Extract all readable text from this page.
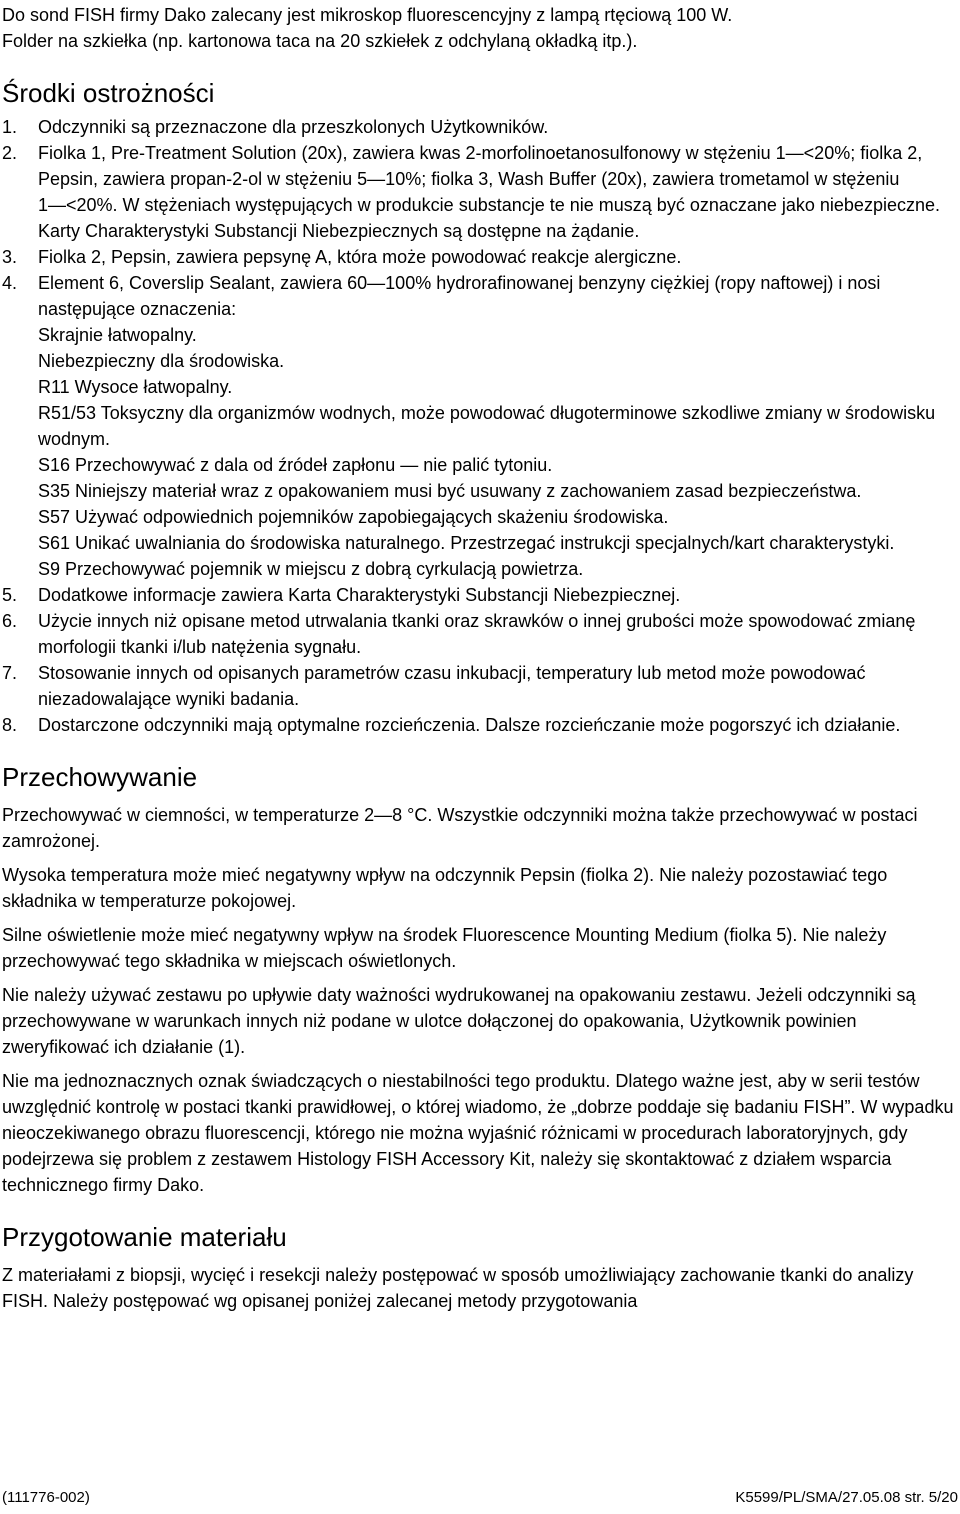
Do sond FISH firmy Dako zalecany jest mikroskop fluorescencyjny z lampą rtęciową 100 W.

Folder na szkiełka (np. kartonowa taca na 20 szkiełek z odchylaną okładką itp.).

Środki ostrożności
1.	Odczynniki są przeznaczone dla przeszkolonych Użytkowników.
2.	Fiolka 1, Pre-Treatment Solution (20x), zawiera kwas 2-morfolinoetanosulfonowy w stężeniu 1―<20%; fiolka 2, Pepsin, zawiera propan-2-ol w stężeniu 5―10%; fiolka 3, Wash Buffer (20x), zawiera trometamol w stężeniu 1―<20%. W stężeniach występujących w produkcie substancje te nie muszą być oznaczane jako niebezpieczne. Karty Charakterystyki Substancji Niebezpiecznych są dostępne na żądanie.
3.	Fiolka 2, Pepsin, zawiera pepsynę A, która może powodować reakcje alergiczne.
4.	Element 6, Coverslip Sealant, zawiera 60―100% hydrorafinowanej benzyny ciężkiej (ropy naftowej) i nosi następujące oznaczenia:
Skrajnie łatwopalny.
Niebezpieczny dla środowiska.
R11 Wysoce łatwopalny.
R51/53 Toksyczny dla organizmów wodnych, może powodować długoterminowe szkodliwe zmiany w środowisku wodnym.
S16 Przechowywać z dala od źródeł zapłonu ― nie palić tytoniu.
S35 Niniejszy materiał wraz z opakowaniem musi być usuwany z zachowaniem zasad bezpieczeństwa.
S57 Używać odpowiednich pojemników zapobiegających skażeniu środowiska.
S61 Unikać uwalniania do środowiska naturalnego. Przestrzegać instrukcji specjalnych/kart charakterystyki.
S9 Przechowywać pojemnik w miejscu z dobrą cyrkulacją powietrza.
5.	Dodatkowe informacje zawiera Karta Charakterystyki Substancji Niebezpiecznej.
6.	Użycie innych niż opisane metod utrwalania tkanki oraz skrawków o innej grubości może spowodować zmianę morfologii tkanki i/lub natężenia sygnału.
7.	Stosowanie innych od opisanych parametrów czasu inkubacji, temperatury lub metod może powodować niezadowalające wyniki badania.
8.	Dostarczone odczynniki mają optymalne rozcieńczenia. Dalsze rozcieńczanie może pogorszyć ich działanie.
Przechowywanie

Przechowywać w ciemności, w temperaturze 2―8 °C. Wszystkie odczynniki można także przechowywać w postaci zamrożonej.

Wysoka temperatura może mieć negatywny wpływ na odczynnik Pepsin (fiolka 2). Nie należy pozostawiać tego składnika w temperaturze pokojowej.

Silne oświetlenie może mieć negatywny wpływ na środek Fluorescence Mounting Medium (fiolka 5). Nie należy przechowywać tego składnika w miejscach oświetlonych.

Nie należy używać zestawu po upływie daty ważności wydrukowanej na opakowaniu zestawu. Jeżeli odczynniki są przechowywane w warunkach innych niż podane w ulotce dołączonej do opakowania, Użytkownik powinien zweryfikować ich działanie (1).

Nie ma jednoznacznych oznak świadczących o niestabilności tego produktu. Dlatego ważne jest, aby w serii testów uwzględnić kontrolę w postaci tkanki prawidłowej, o której wiadomo, że „dobrze poddaje się badaniu FISH”. W wypadku nieoczekiwanego obrazu fluorescencji, którego nie można wyjaśnić różnicami w procedurach laboratoryjnych, gdy podejrzewa się problem z zestawem Histology FISH Accessory Kit, należy się skontaktować z działem wsparcia technicznego firmy Dako.

Przygotowanie materiału

Z materiałami z biopsji, wycięć i resekcji należy postępować w sposób umożliwiający zachowanie tkanki do analizy FISH. Należy postępować wg opisanej poniżej zalecanej metody przygotowania

(111776-002)	K5599/PL/SMA/27.05.08 str. 5/20
